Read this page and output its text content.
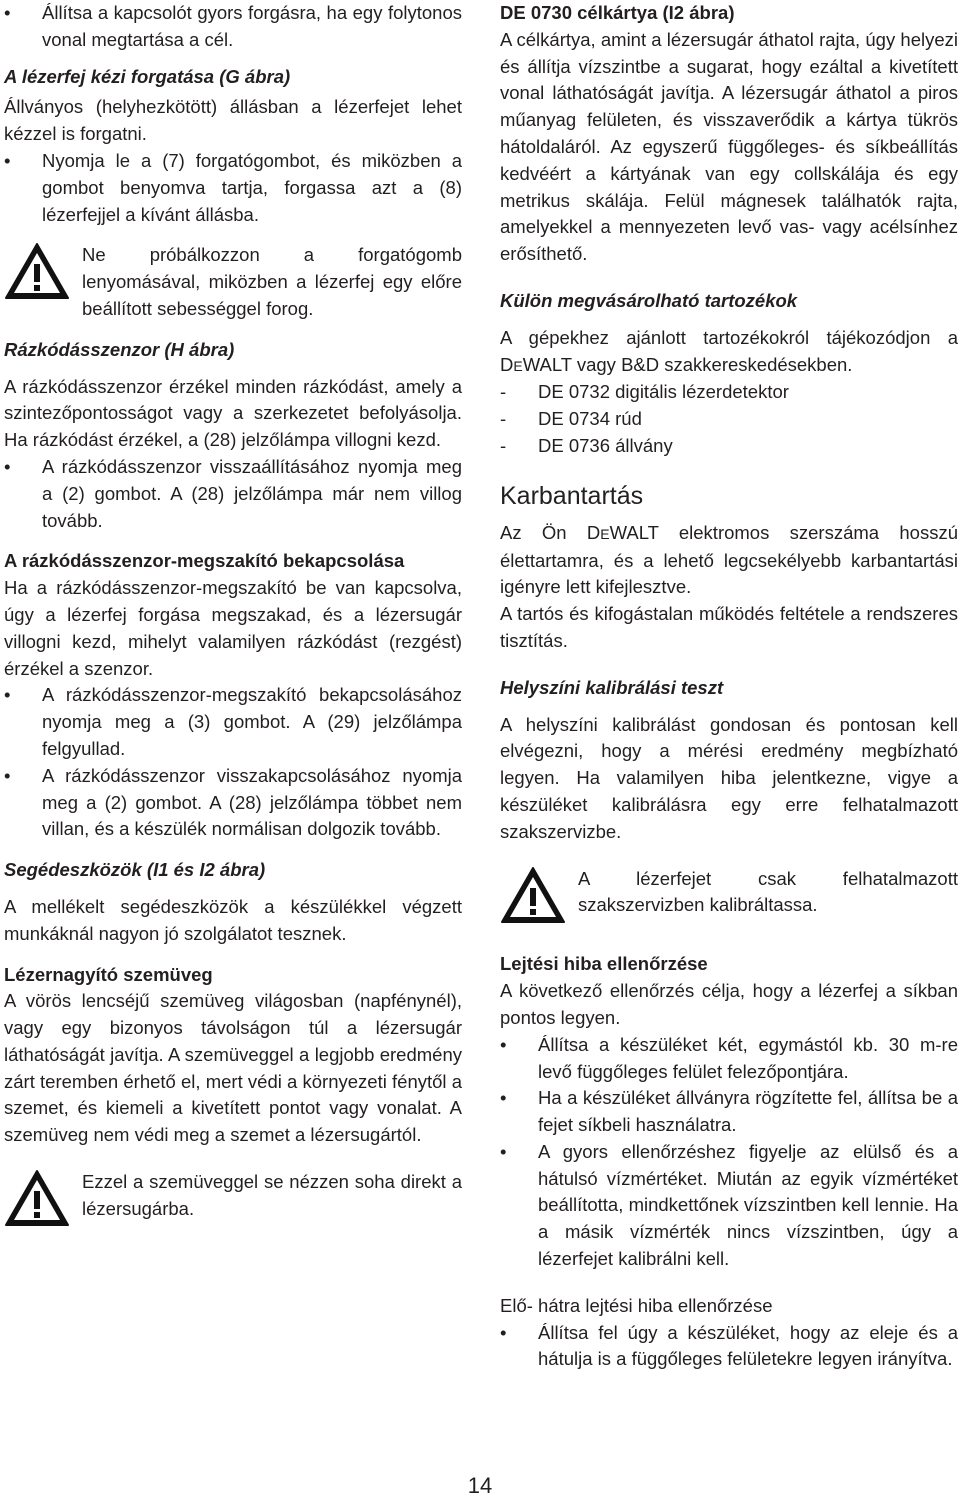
•	Állítsa a kapcsolót gyors forgásra, ha egy folytonos vonal megtartása a cél.

A lézerfej kézi forgatása (G ábra)

Állványos (helyhezkötött) állásban a lézerfejet lehet kézzel is forgatni.

•	Nyomja le a (7) forgatógombot, és miközben a gombot benyomva tartja, forgassa azt a (8) lézerfejjel a kívánt állásba.
Ne próbálkozzon a forgatógomb lenyomásával, miközben a lézerfej egy előre beállított sebességgel forog.

Rázkódásszenzor (H ábra)

A rázkódásszenzor érzékel minden rázkódást, amely a szintezőpontosságot vagy a szerkezetet befolyásolja. Ha rázkódást érzékel, a (28) jelzőlámpa villogni kezd.

•	A rázkódásszenzor visszaállításához nyomja meg a (2) gombot. A (28) jelzőlámpa már nem villog tovább.

A rázkódásszenzor-megszakító bekapcsolása

Ha a rázkódásszenzor-megszakító be van kapcsolva, úgy a lézerfej forgása megszakad, és a lézersugár villogni kezd, mihelyt valamilyen rázkódást (rezgést) érzékel a szenzor.

•	A rázkódásszenzor-megszakító bekapcsolásához nyomja meg a (3) gombot. A (29) jelzőlámpa felgyullad.
•	A rázkódásszenzor visszakapcsolásához nyomja meg a (2) gombot. A (28) jelzőlámpa többet nem villan, és a készülék normálisan dolgozik tovább.

Segédeszközök (I1 és I2 ábra)

A mellékelt segédeszközök a készülékkel végzett munkáknál nagyon jó szolgálatot tesznek.

Lézernagyító szemüveg

A vörös lencséjű szemüveg világosban (napfénynél), vagy egy bizonyos távolságon túl a lézersugár láthatóságát javítja. A szemüveggel a legjobb eredmény zárt teremben érhető el, mert védi a környezeti fénytől a szemet, és kiemeli a kivetített pontot vagy vonalat. A szemüveg nem védi meg a szemet a lézersugártól.

Ezzel a szemüveggel se nézzen soha direkt a lézersugárba.

DE 0730 célkártya (I2 ábra)

A célkártya, amint a lézersugár áthatol rajta, úgy helyezi és állítja vízszintbe a sugarat, hogy ezáltal a kivetített vonal láthatóságát javítja. A lézersugár áthatol a piros műanyag felületen, és visszaverődik a kártya tükrös hátoldaláról. Az egyszerű függőleges- és síkbeállítás kedvéért a kártyának van egy collskálája és egy metrikus skálája. Felül mágnesek találhatók rajta, amelyekkel a mennyezeten levő vas- vagy acélsínhez erősíthető.

Külön megvásárolható tartozékok

A gépekhez ajánlott tartozékokról tájékozódjon a DEWALT vagy B&D szakkereskedésekben.

-	DE 0732 digitális lézerdetektor
-	DE 0734 rúd
-	DE 0736 állvány

Karbantartás

Az Ön DEWALT elektromos szerszáma hosszú élettartamra, és a lehető legcsekélyebb karbantartási igényre lett kifejlesztve.

A tartós és kifogástalan működés feltétele a rendszeres tisztítás.

Helyszíni kalibrálási teszt

A helyszíni kalibrálást gondosan és pontosan kell elvégezni, hogy a mérési eredmény megbízható legyen. Ha valamilyen hiba jelentkezne, vigye a készüléket kalibrálásra egy erre felhatalmazott szakszervizbe.

A lézerfejet csak felhatalmazott szakszervizben kalibráltassa.

Lejtési hiba ellenőrzése

A következő ellenőrzés célja, hogy a lézerfej a síkban pontos legyen.

•	Állítsa a készüléket két, egymástól kb. 30 m-re levő függőleges felület felezőpontjára.
•	Ha a készüléket állványra rögzítette fel, állítsa be a fejet síkbeli használatra.
•	A gyors ellenőrzéshez figyelje az elülső és a hátulsó vízmértéket. Miután az egyik vízmértéket beállította, mindkettőnek vízszintben kell lennie. Ha a másik vízmérték nincs vízszintben, úgy a lézerfejet kalibrálni kell.

Elő- hátra lejtési hiba ellenőrzése

•	Állítsa fel úgy a készüléket, hogy az eleje és a hátulja is a függőleges felületekre legyen irányítva.
14
